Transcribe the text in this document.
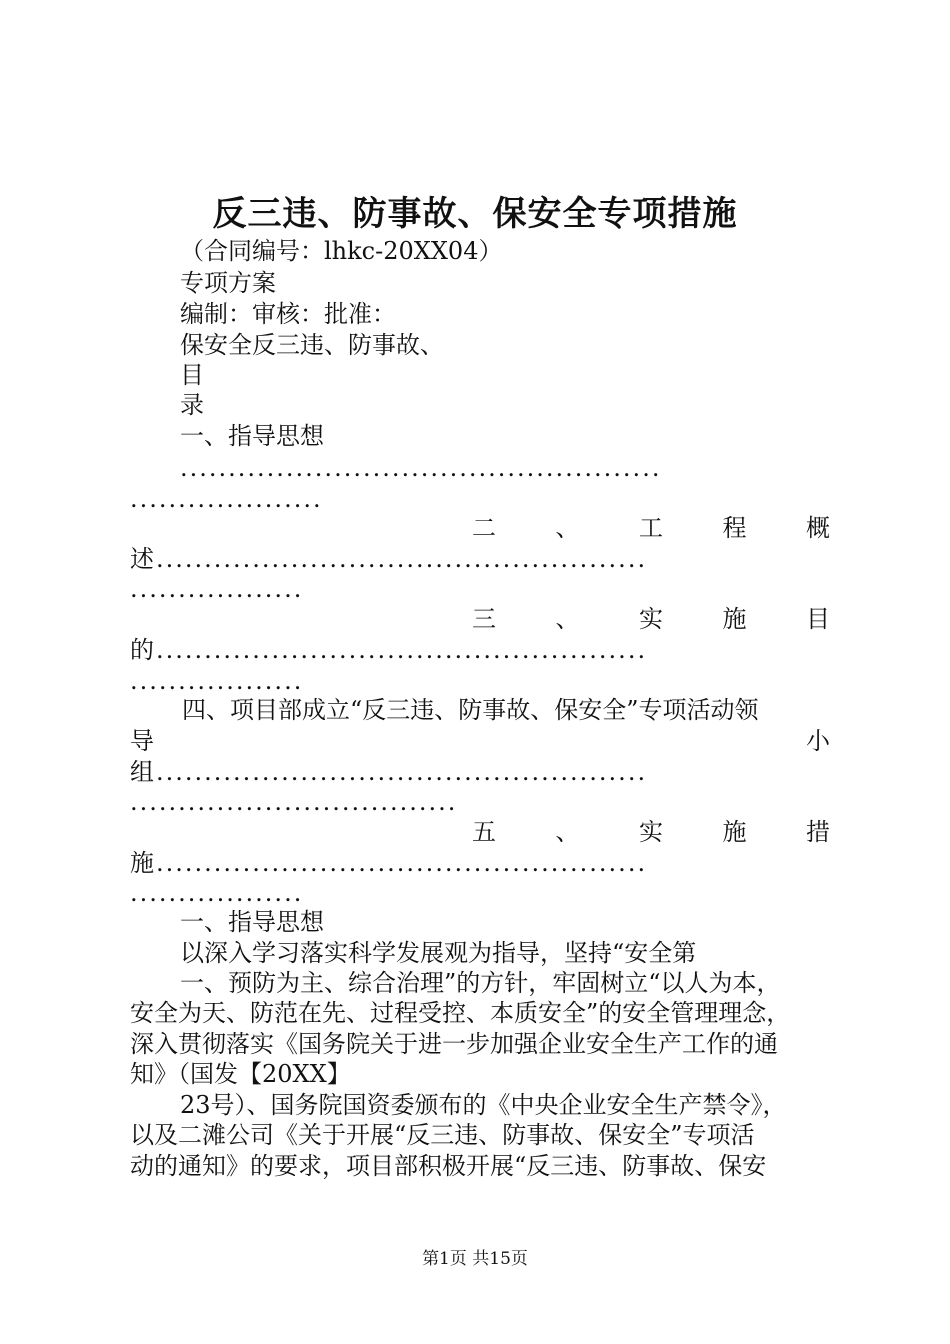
反三违、防事故、保安全专项措施
（合同编号：lhkc-20XX04）
专项方案
编制：审核：批准：
保安全反三违、防事故、
目
录
一、指导思想
..................................................
....................
二 、 工 程 概
述...................................................
..................
三 、 实 施 目
的...................................................
..................
四、项目部成立“反三违、防事故、保安全”专项活动领
导	小
组...................................................
..................................
五 、 实 施 措
施...................................................
..................
一、指导思想
以深入学习落实科学发展观为指导，坚持“安全第
一、预防为主、综合治理”的方针，牢固树立“以人为本，
安全为天、防范在先、过程受控、本质安全”的安全管理理念，
深入贯彻落实《国务院关于进一步加强企业安全生产工作的通
知》（国发【20XX】
23号）、国务院国资委颁布的《中央企业安全生产禁令》，
以及二滩公司《关于开展“反三违、防事故、保安全”专项活
动的通知》的要求，项目部积极开展“反三违、防事故、保安
第1页 共15页
